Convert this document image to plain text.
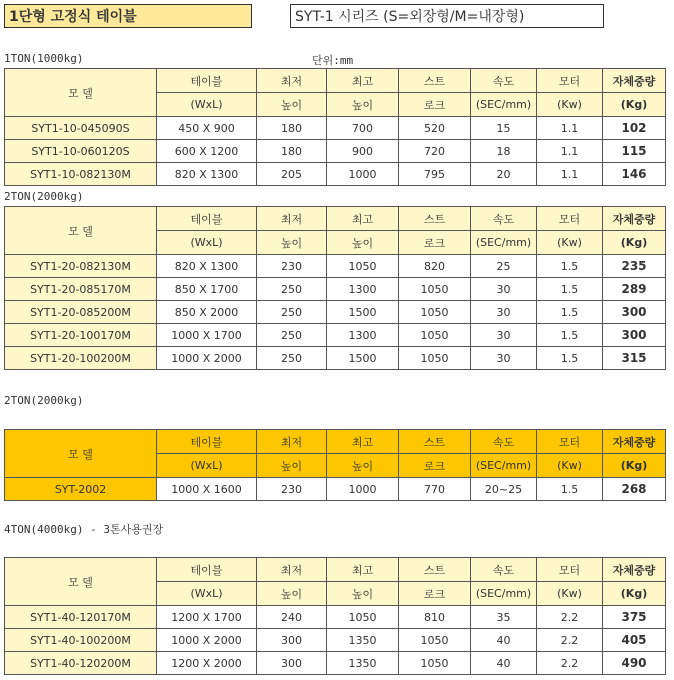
1단형 고정식 테이블	SYT-1 시리즈 (S=외장형/M=내장형)
1TON(1000kg)	단위:mm
모 델	테이블	최저	최고	스트	속도	모터	자체중량
	(WxL)	높이	높이	로크	(SEC/mm)	(Kw)	(Kg)
SYT1-10-045090S	450 X 900	180	700	520	15	1.1	102
SYT1-10-060120S	600 X 1200	180	900	720	18	1.1	115
SYT1-10-082130M	820 X 1300	205	1000	795	20	1.1	146
모 델	테이블	최저	최고	스트	속도	모터	자체중량
	(WxL)	높이	높이	로크	(SEC/mm)	(Kw)	(Kg)
SYT1-20-082130M	820 X 1300	230	1050	820	25	1.5	235
SYT1-20-085170M	850 X 1700	250	1300	1050	30	1.5	289
SYT1-20-085200M	850 X 2000	250	1500	1050	30	1.5	300
SYT1-20-100170M	1000 X 1700	250	1300	1050	30	1.5	300
SYT1-20-100200M	1000 X 2000	250	1500	1050	30	1.5	315
모 델	테이블	최저	최고	스트	속도	모터	자체중량
	(WxL)	높이	높이	로크	(SEC/mm)	(Kw)	(Kg)
SYT-2002	1000 X 1600	230	1000	770	20~25	1.5	268
모 델	테이블	최저	최고	스트	속도	모터	자체중량
	(WxL)	높이	높이	로크	(SEC/mm)	(Kw)	(Kg)
SYT1-40-120170M	1200 X 1700	240	1050	810	35	2.2	375
SYT1-40-100200M	1000 X 2000	300	1350	1050	40	2.2	405
SYT1-40-120200M	1200 X 2000	300	1350	1050	40	2.2	490
2TON(2000kg)
2TON(2000kg)
4TON(4000kg) - 3톤사용권장
